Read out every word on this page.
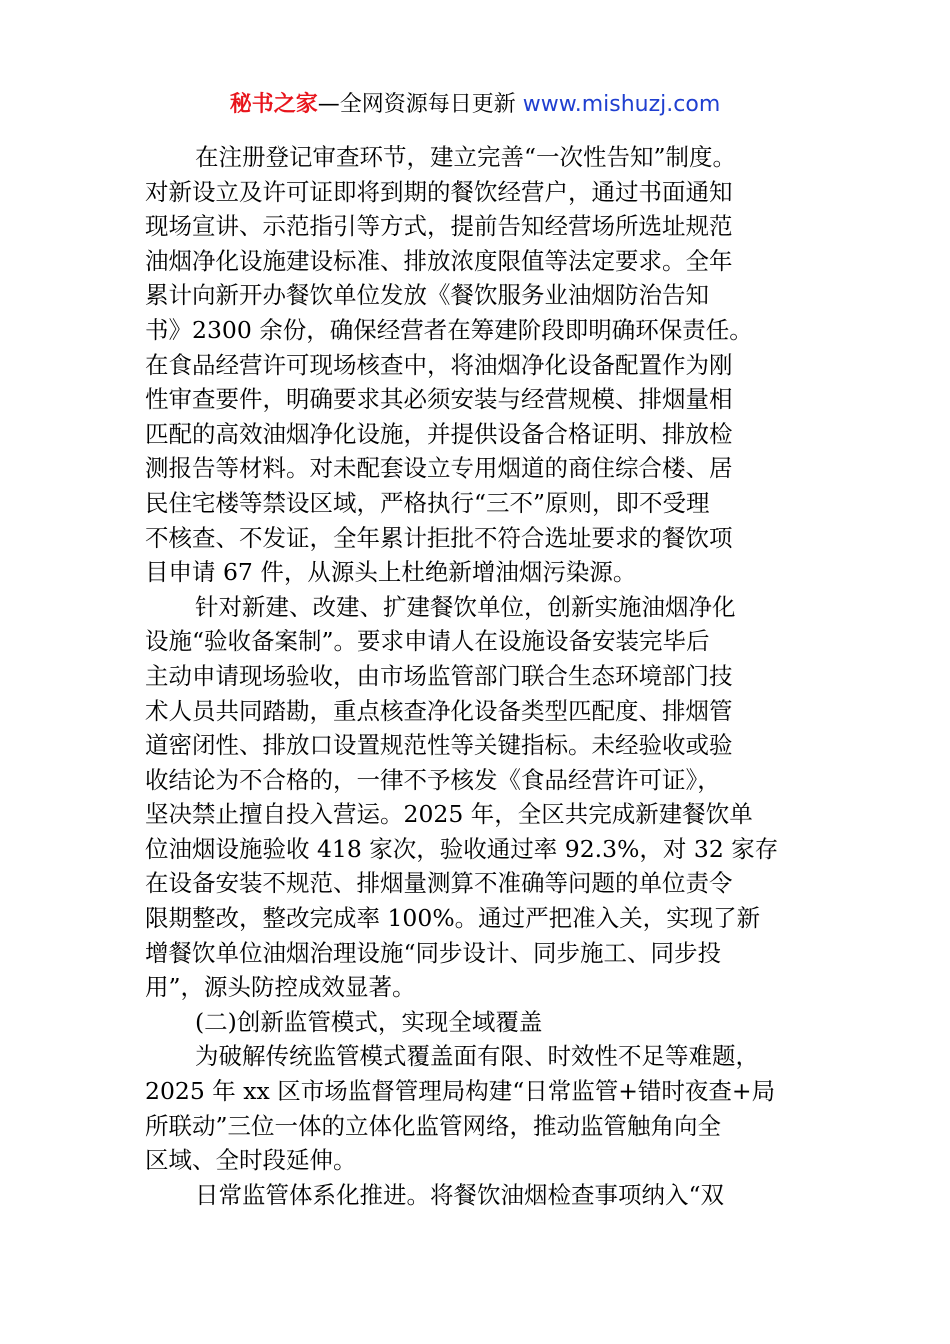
秘书之家—全网资源每日更新 www.mishuzj.com
在注册登记审查环节，建立完善“一次性告知”制度。
对新设立及许可证即将到期的餐饮经营户，通过书面通知
现场宣讲、示范指引等方式，提前告知经营场所选址规范
油烟净化设施建设标准、排放浓度限值等法定要求。全年
累计向新开办餐饮单位发放《餐饮服务业油烟防治告知
书》2300 余份，确保经营者在筹建阶段即明确环保责任。
在食品经营许可现场核查中，将油烟净化设备配置作为刚
性审查要件，明确要求其必须安装与经营规模、排烟量相
匹配的高效油烟净化设施，并提供设备合格证明、排放检
测报告等材料。对未配套设立专用烟道的商住综合楼、居
民住宅楼等禁设区域，严格执行“三不”原则，即不受理
不核查、不发证，全年累计拒批不符合选址要求的餐饮项
目申请 67 件，从源头上杜绝新增油烟污染源。
针对新建、改建、扩建餐饮单位，创新实施油烟净化
设施“验收备案制”。要求申请人在设施设备安装完毕后
主动申请现场验收，由市场监管部门联合生态环境部门技
术人员共同踏勘，重点核查净化设备类型匹配度、排烟管
道密闭性、排放口设置规范性等关键指标。未经验收或验
收结论为不合格的，一律不予核发《食品经营许可证》，
坚决禁止擅自投入营运。2025 年，全区共完成新建餐饮单
位油烟设施验收 418 家次，验收通过率 92.3%，对 32 家存
在设备安装不规范、排烟量测算不准确等问题的单位责令
限期整改，整改完成率 100%。通过严把准入关，实现了新
增餐饮单位油烟治理设施“同步设计、同步施工、同步投
用”，源头防控成效显著。
(二)创新监管模式，实现全域覆盖
为破解传统监管模式覆盖面有限、时效性不足等难题，
2025 年 xx 区市场监督管理局构建“日常监管+错时夜查+局
所联动”三位一体的立体化监管网络，推动监管触角向全
区域、全时段延伸。
日常监管体系化推进。将餐饮油烟检查事项纳入“双
